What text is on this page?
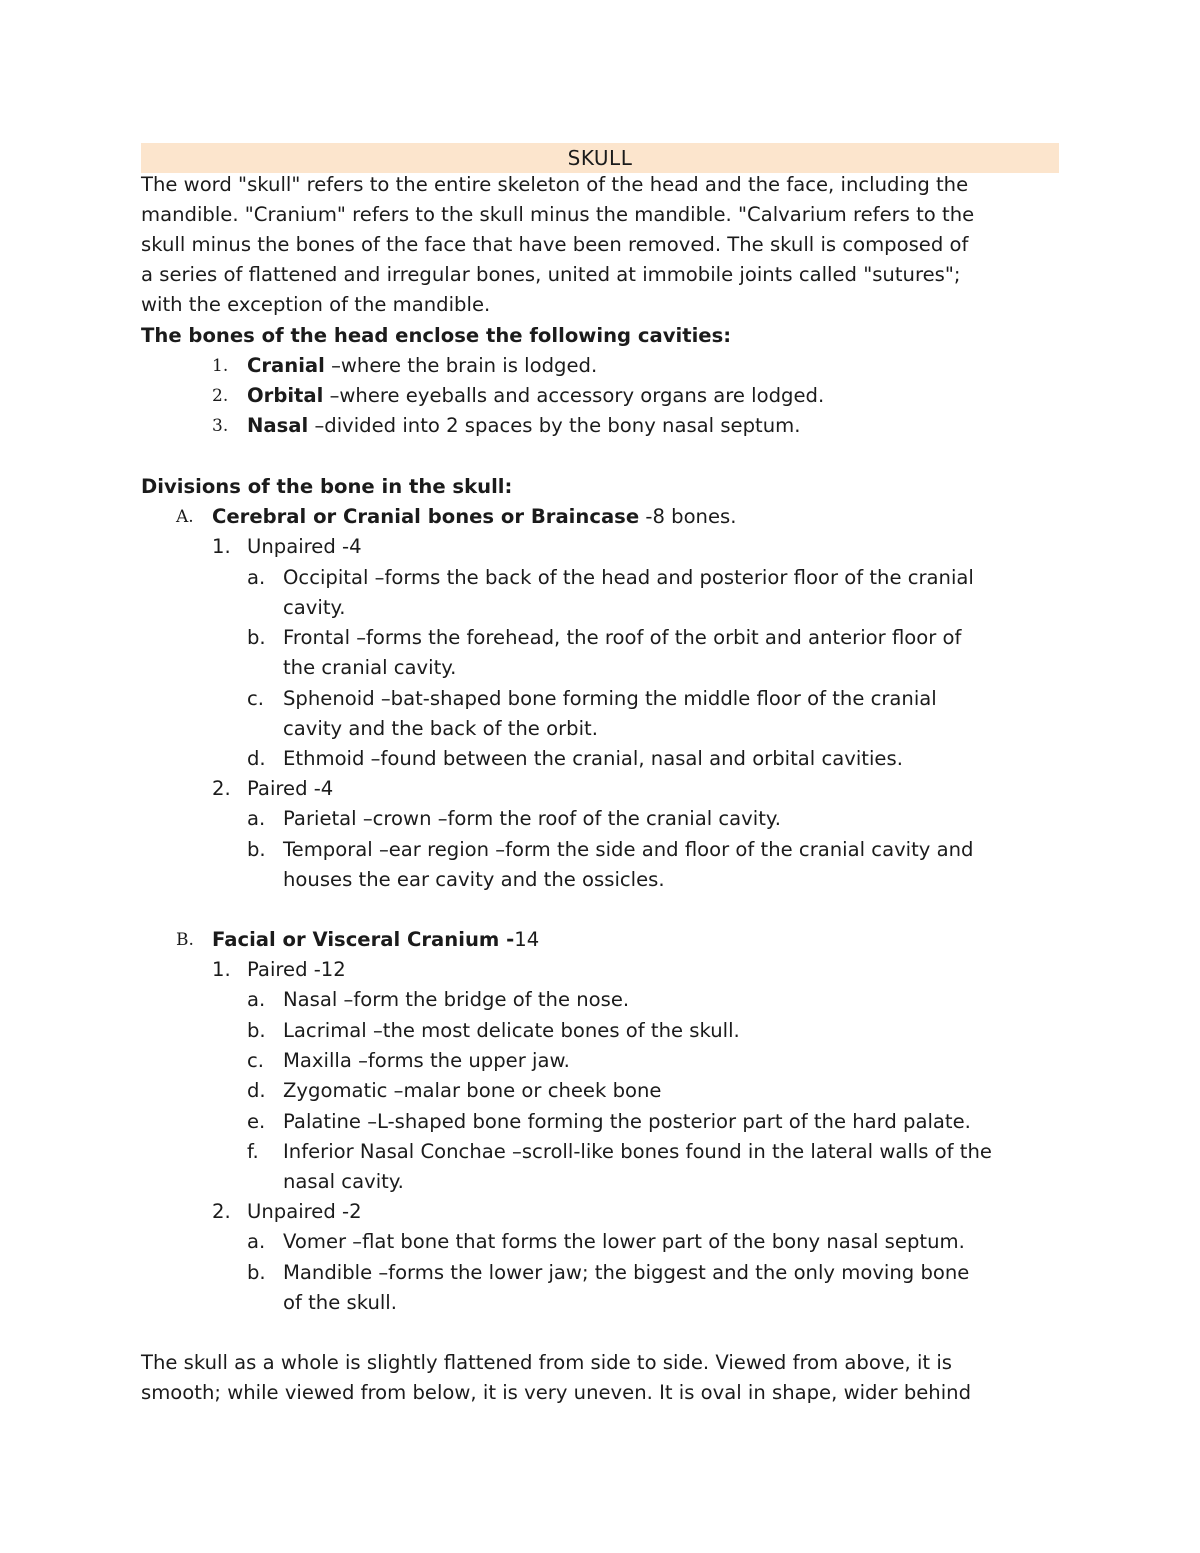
SKULL
The word "skull" refers to the entire skeleton of the head and the face, including the
mandible. "Cranium" refers to the skull minus the mandible. "Calvarium refers to the
skull minus the bones of the face that have been removed. The skull is composed of
a series of flattened and irregular bones, united at immobile joints called "sutures";
with the exception of the mandible.
The bones of the head enclose the following cavities:
1. Cranial –where the brain is lodged.
2. Orbital –where eyeballs and accessory organs are lodged.
3. Nasal –divided into 2 spaces by the bony nasal septum.
Divisions of the bone in the skull:
A. Cerebral or Cranial bones or Braincase -8 bones.
1. Unpaired -4
a. Occipital –forms the back of the head and posterior floor of the cranial
cavity.
b. Frontal –forms the forehead, the roof of the orbit and anterior floor of
the cranial cavity.
c. Sphenoid –bat-shaped bone forming the middle floor of the cranial
cavity and the back of the orbit.
d. Ethmoid –found between the cranial, nasal and orbital cavities.
2. Paired -4
a. Parietal –crown –form the roof of the cranial cavity.
b. Temporal –ear region –form the side and floor of the cranial cavity and
houses the ear cavity and the ossicles.
B. Facial or Visceral Cranium -14
1. Paired -12
a. Nasal –form the bridge of the nose.
b. Lacrimal –the most delicate bones of the skull.
c. Maxilla –forms the upper jaw.
d. Zygomatic –malar bone or cheek bone
e. Palatine –L-shaped bone forming the posterior part of the hard palate.
f. Inferior Nasal Conchae –scroll-like bones found in the lateral walls of the
nasal cavity.
2. Unpaired -2
a. Vomer –flat bone that forms the lower part of the bony nasal septum.
b. Mandible –forms the lower jaw; the biggest and the only moving bone
of the skull.
The skull as a whole is slightly flattened from side to side. Viewed from above, it is
smooth; while viewed from below, it is very uneven. It is oval in shape, wider behind
